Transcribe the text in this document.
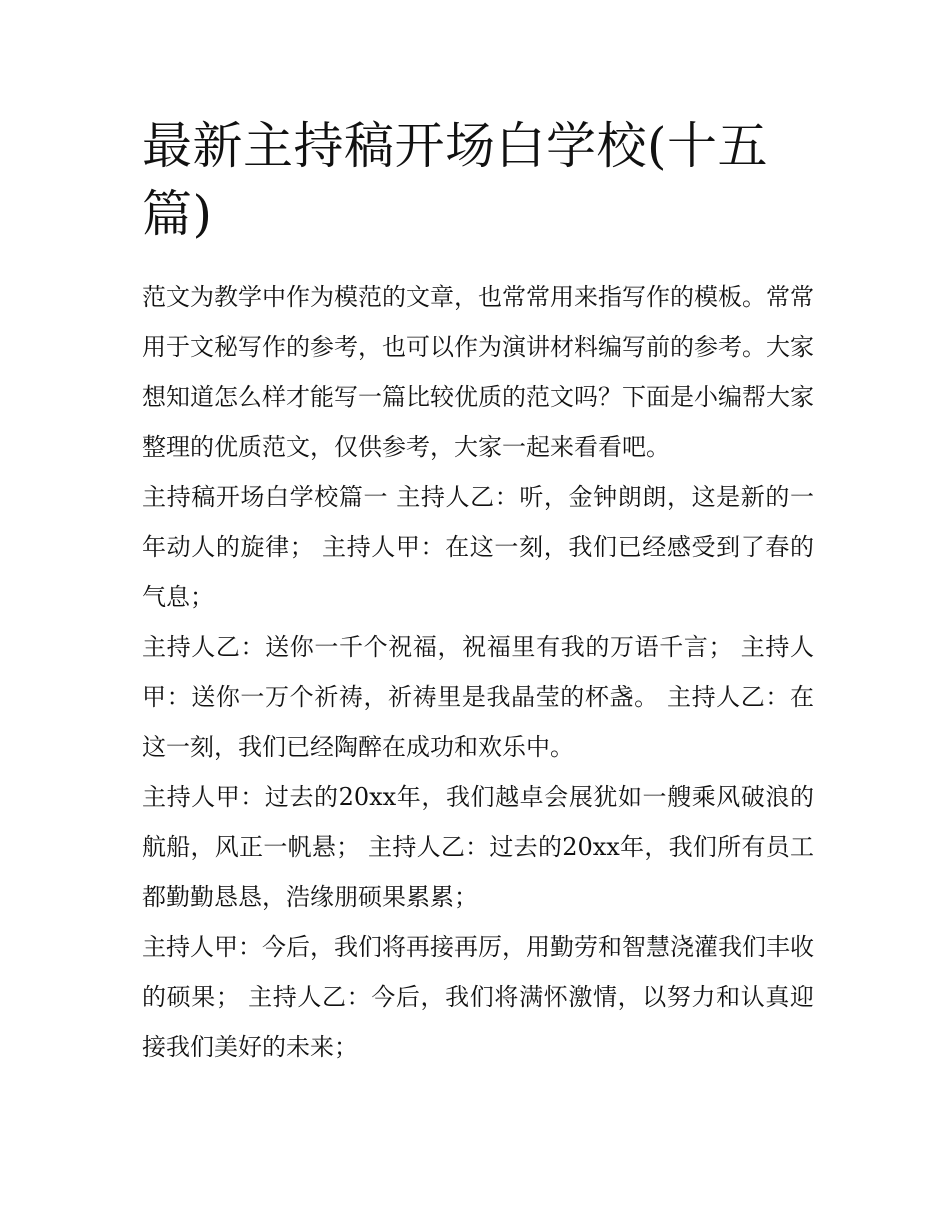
最新主持稿开场白学校(十五篇)

范文为教学中作为模范的文章，也常常用来指写作的模板。常常用于文秘写作的参考，也可以作为演讲材料编写前的参考。大家想知道怎么样才能写一篇比较优质的范文吗？下面是小编帮大家整理的优质范文，仅供参考，大家一起来看看吧。

主持稿开场白学校篇一 主持人乙：听，金钟朗朗，这是新的一年动人的旋律； 主持人甲：在这一刻，我们已经感受到了春的气息；

主持人乙：送你一千个祝福，祝福里有我的万语千言； 主持人甲：送你一万个祈祷，祈祷里是我晶莹的杯盏。 主持人乙：在这一刻，我们已经陶醉在成功和欢乐中。

主持人甲：过去的20xx年，我们越卓会展犹如一艘乘风破浪的航船，风正一帆悬； 主持人乙：过去的20xx年，我们所有员工都勤勤恳恳，浩缘朋硕果累累；

主持人甲：今后，我们将再接再厉，用勤劳和智慧浇灌我们丰收的硕果； 主持人乙：今后，我们将满怀激情，以努力和认真迎接我们美好的未来；
